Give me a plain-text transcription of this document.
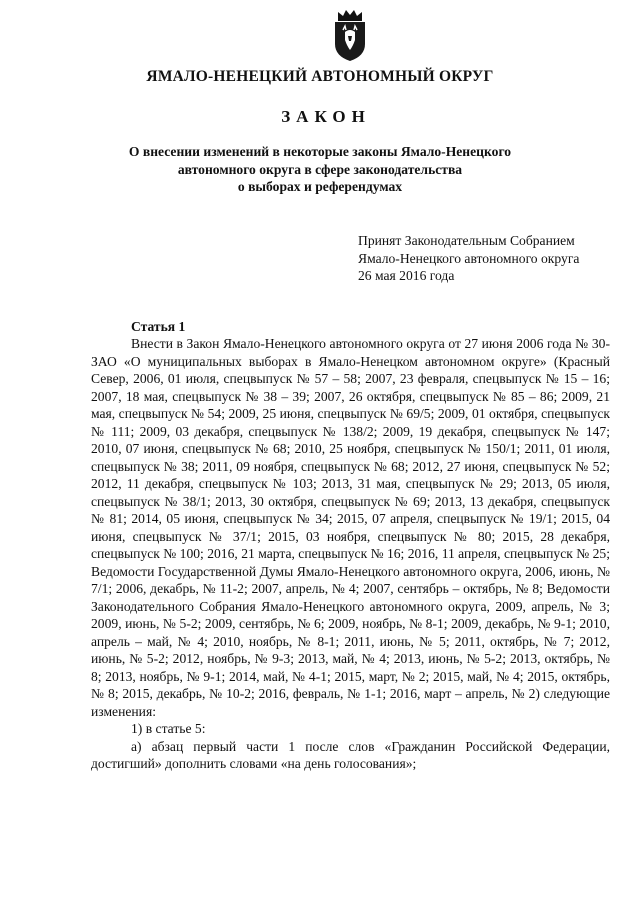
ЯМАЛО-НЕНЕЦКИЙ АВТОНОМНЫЙ ОКРУГ
ЗАКОН
О внесении изменений в некоторые законы Ямало-Ненецкого
автономного округа в сфере законодательства
о выборах и референдумах
Принят Законодательным Собранием
Ямало-Ненецкого автономного округа
26 мая 2016 года
Статья 1

Внести в Закон Ямало-Ненецкого автономного округа от 27 июня 2006 года № 30-ЗАО «О муниципальных выборах в Ямало-Ненецком автономном округе» (Красный Север, 2006, 01 июля, спецвыпуск № 57 – 58; 2007, 23 февраля, спецвыпуск № 15 – 16; 2007, 18 мая, спецвыпуск № 38 – 39; 2007, 26 октября, спецвыпуск № 85 – 86; 2009, 21 мая, спецвыпуск № 54; 2009, 25 июня, спецвыпуск № 69/5; 2009, 01 октября, спецвыпуск № 111; 2009, 03 декабря, спецвыпуск № 138/2; 2009, 19 декабря, спецвыпуск № 147; 2010, 07 июня, спецвыпуск № 68; 2010, 25 ноября, спецвыпуск № 150/1; 2011, 01 июля, спецвыпуск № 38; 2011, 09 ноября, спецвыпуск № 68; 2012, 27 июня, спецвыпуск № 52; 2012, 11 декабря, спецвыпуск № 103; 2013, 31 мая, спецвыпуск № 29; 2013, 05 июля, спецвыпуск № 38/1; 2013, 30 октября, спецвыпуск № 69; 2013, 13 декабря, спецвыпуск № 81; 2014, 05 июня, спецвыпуск № 34; 2015, 07 апреля, спецвыпуск № 19/1; 2015, 04 июня, спецвыпуск № 37/1; 2015, 03 ноября, спецвыпуск № 80; 2015, 28 декабря, спецвыпуск № 100; 2016, 21 марта, спецвыпуск № 16; 2016, 11 апреля, спецвыпуск № 25; Ведомости Государственной Думы Ямало-Ненецкого автономного округа, 2006, июнь, № 7/1; 2006, декабрь, № 11-2; 2007, апрель, № 4; 2007, сентябрь – октябрь, № 8; Ведомости Законодательного Собрания Ямало-Ненецкого автономного округа, 2009, апрель, № 3; 2009, июнь, № 5-2; 2009, сентябрь, № 6; 2009, ноябрь, № 8-1; 2009, декабрь, № 9-1; 2010, апрель – май, № 4; 2010, ноябрь, № 8-1; 2011, июнь, № 5; 2011, октябрь, № 7; 2012, июнь, № 5-2; 2012, ноябрь, № 9-3; 2013, май, № 4; 2013, июнь, № 5-2; 2013, октябрь, № 8; 2013, ноябрь, № 9-1; 2014, май, № 4-1; 2015, март, № 2; 2015, май, № 4; 2015, октябрь, № 8; 2015, декабрь, № 10-2; 2016, февраль, № 1-1; 2016, март – апрель, № 2) следующие изменения:

1) в статье 5:

а) абзац первый части 1 после слов «Гражданин Российской Федерации, достигший» дополнить словами «на день голосования»;
